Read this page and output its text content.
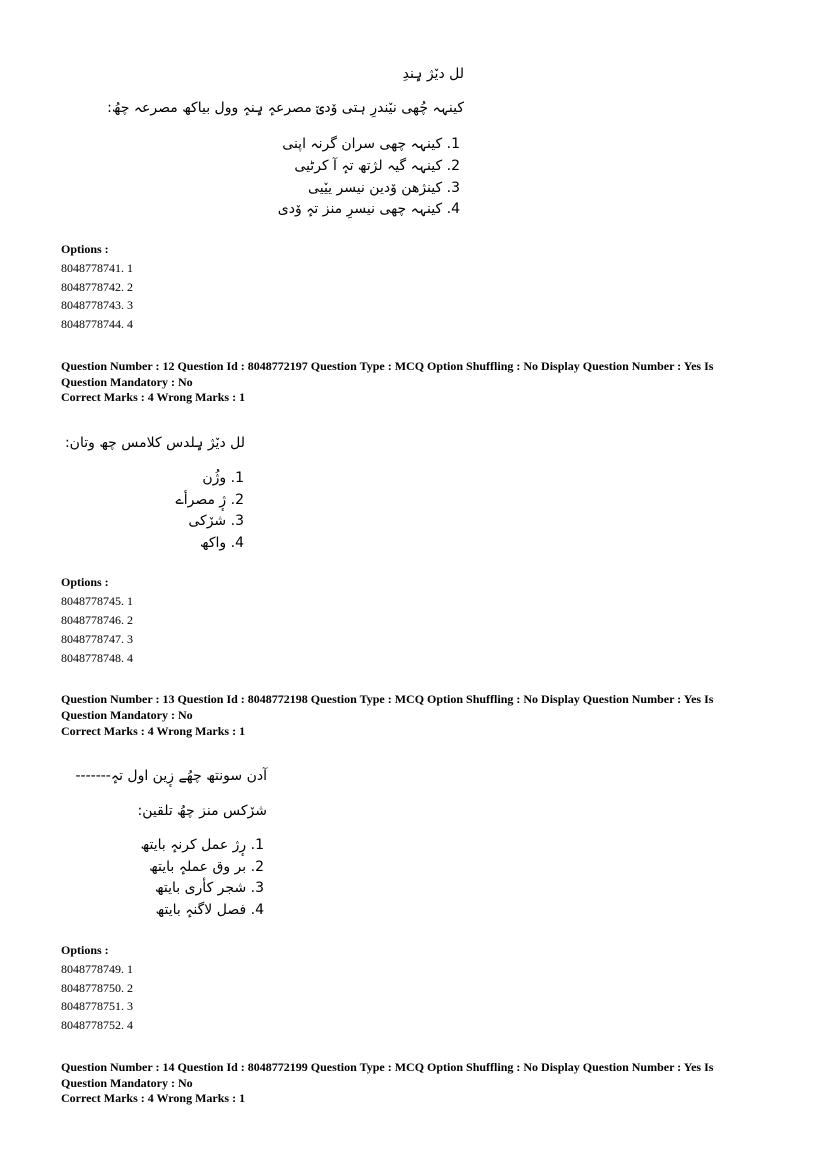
لل دیٚژ ہٕندِ
کینہہ چُھی نیٚندرِ ہتی وٚدی٘ مصرعہٕ ہٕنہٕ وول بیاکھ مصرعہ چھُ:
1. کینہہ چھی سران گرنہ اپنی
2. کینہہ گیہ لژتھ تہٕ آ کرٹیی
3. کینژھن وٚدین نیسر ییٚیی
4. کینہہ چھی نیسرِ منز تہٕ وٚدی
Options :
8048778741. 1
8048778742. 2
8048778743. 3
8048778744. 4
Question Number : 12 Question Id : 8048772197 Question Type : MCQ Option Shuffling : No Display Question Number : Yes Is
Question Mandatory : No
Correct Marks : 4 Wrong Marks : 1
لل دیٚژ ہٕلدس کلامس چھ وتان:
1. وژُن
2. ژٕ مصرأے
3. شرٚکی
4. واکھ
Options :
8048778745. 1
8048778746. 2
8048778747. 3
8048778748. 4
Question Number : 13 Question Id : 8048772198 Question Type : MCQ Option Shuffling : No Display Question Number : Yes Is
Question Mandatory : No
Correct Marks : 4 Wrong Marks : 1
آدن سونتھ چھُے زٕین اول تہٕ-------
شرٚکس منز چھُ تلقین:
1. رٕژ عمل کرنہٕ بایتھ
2. بر وق عملہٕ بایتھ
3. شجر کأری بایتھ
4. فصل لاگنہٕ بایتھ
Options :
8048778749. 1
8048778750. 2
8048778751. 3
8048778752. 4
Question Number : 14 Question Id : 8048772199 Question Type : MCQ Option Shuffling : No Display Question Number : Yes Is
Question Mandatory : No
Correct Marks : 4 Wrong Marks : 1
